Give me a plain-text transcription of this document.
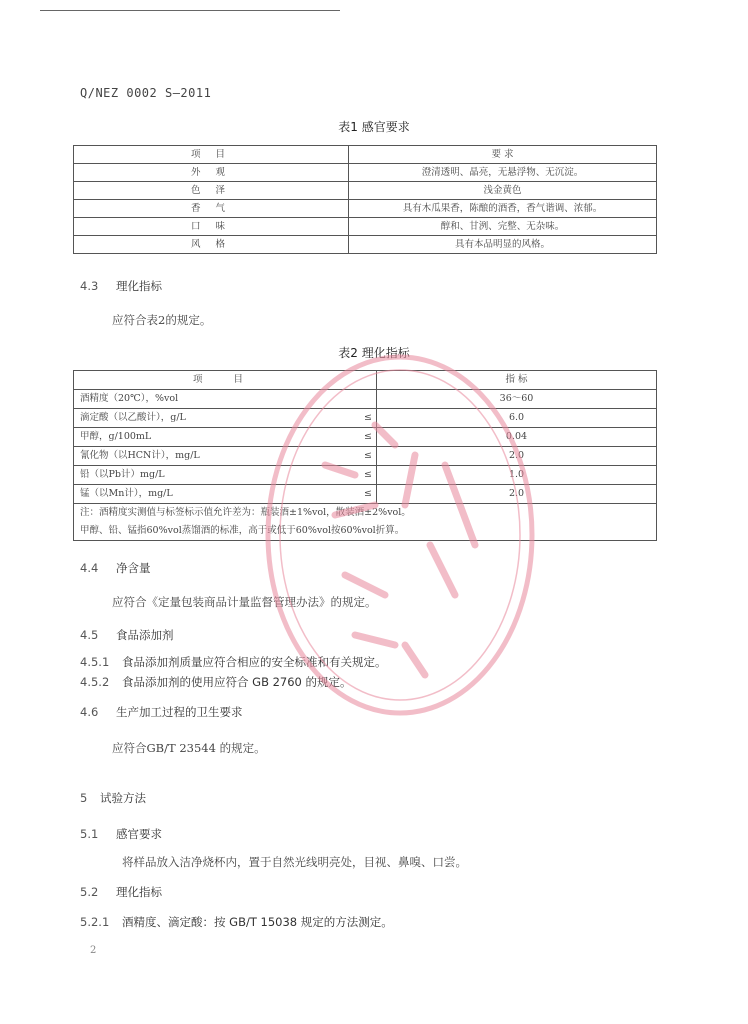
Q/NEZ 0002 S—2011
表1 感官要求
项 目	要 求
外 观	澄清透明、晶亮，无悬浮物、无沉淀。
色 泽	浅金黄色
香 气	具有木瓜果香，陈酿的酒香，香气谐调、浓郁。
口 味	醇和、甘洌、完整、无杂味。
风 格	具有本品明显的风格。
4.3 理化指标
应符合表2的规定。
表2 理化指标
项 目		指 标
酒精度（20℃），%vol		36～60
滴定酸（以乙酸计），g/L	≤	6.0
甲醇，g/100mL	≤	0.04
氰化物（以HCN计），mg/L	≤	2.0
铅（以Pb计）mg/L	≤	1.0
锰（以Mn计），mg/L	≤	2.0
注：酒精度实测值与标签标示值允许差为：瓶装酒±1%vol，散装酒±2%vol。		
甲醇、铅、锰指60%vol蒸馏酒的标准，高于或低于60%vol按60%vol折算。		
4.4 净含量
应符合《定量包装商品计量监督管理办法》的规定。
4.5 食品添加剂
4.5.1 食品添加剂质量应符合相应的安全标准和有关规定。
4.5.2 食品添加剂的使用应符合 GB 2760 的规定。
4.6 生产加工过程的卫生要求
应符合GB/T 23544 的规定。
5 试验方法
5.1 感官要求
将样品放入洁净烧杯内，置于自然光线明亮处，目视、鼻嗅、口尝。
5.2 理化指标
5.2.1 酒精度、滴定酸：按 GB/T 15038 规定的方法测定。
2
